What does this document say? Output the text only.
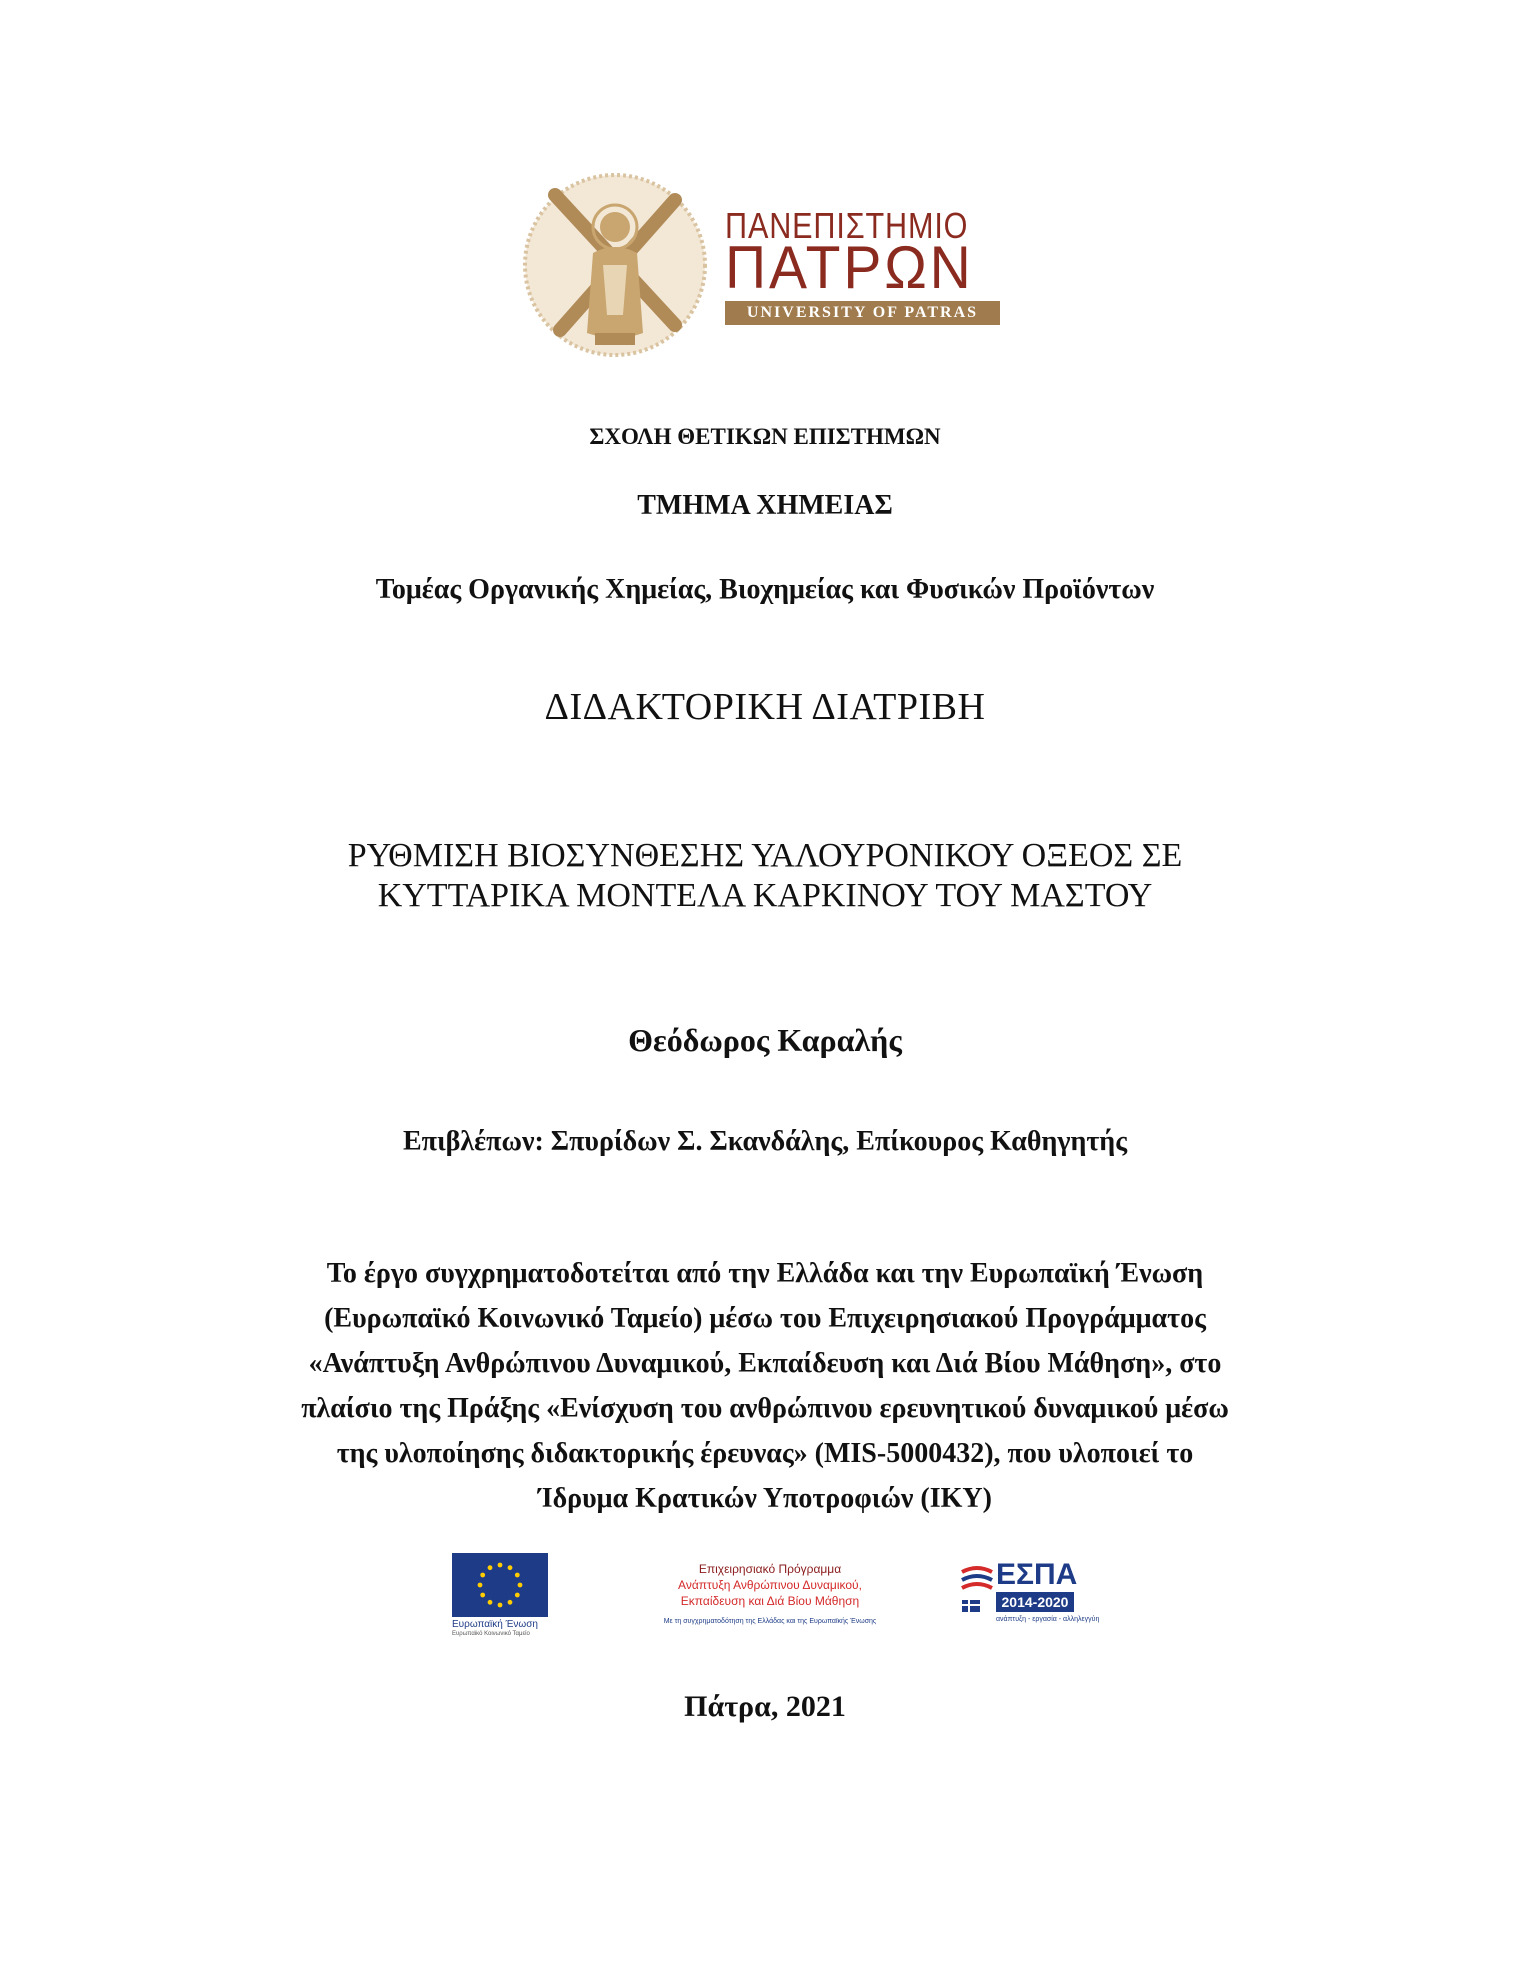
ΠΑΝΕΠΙΣΤΗΜΙΟ
ΠΑΤΡΩΝ
UNIVERSITY OF PATRAS
ΣΧΟΛΗ ΘΕΤΙΚΩΝ ΕΠΙΣΤΗΜΩΝ
ΤΜΗΜΑ ΧΗΜΕΙΑΣ
Τομέας Οργανικής Χημείας, Βιοχημείας και Φυσικών Προϊόντων
ΔΙΔΑΚΤΟΡΙΚΗ ΔΙΑΤΡΙΒΗ
ΡΥΘΜΙΣΗ ΒΙΟΣΥΝΘΕΣΗΣ ΥΑΛΟΥΡΟΝΙΚΟΥ ΟΞΕΟΣ ΣΕ
ΚΥΤΤΑΡΙΚΑ ΜΟΝΤΕΛΑ ΚΑΡΚΙΝΟΥ ΤΟΥ ΜΑΣΤΟΥ
Θεόδωρος Καραλής
Επιβλέπων: Σπυρίδων Σ. Σκανδάλης, Επίκουρος Καθηγητής
Το έργο συγχρηματοδοτείται από την Ελλάδα και την Ευρωπαϊκή Ένωση
(Ευρωπαϊκό Κοινωνικό Ταμείο) μέσω του Επιχειρησιακού Προγράμματος
«Ανάπτυξη Ανθρώπινου Δυναμικού, Εκπαίδευση και Διά Βίου Μάθηση», στο
πλαίσιο της Πράξης «Ενίσχυση του ανθρώπινου ερευνητικού δυναμικού μέσω
της υλοποίησης διδακτορικής έρευνας» (MIS-5000432), που υλοποιεί το
Ίδρυμα Κρατικών Υποτροφιών (ΙΚΥ)
Ευρωπαϊκή Ένωση
Ευρωπαϊκό Κοινωνικό Ταμείο
Επιχειρησιακό Πρόγραμμα
Ανάπτυξη Ανθρώπινου Δυναμικού,
Εκπαίδευση και Διά Βίου Μάθηση
Με τη συγχρηματοδότηση της Ελλάδας και της Ευρωπαϊκής Ένωσης
ΕΣΠΑ
2014-2020
ανάπτυξη - εργασία - αλληλεγγύη
Πάτρα, 2021
